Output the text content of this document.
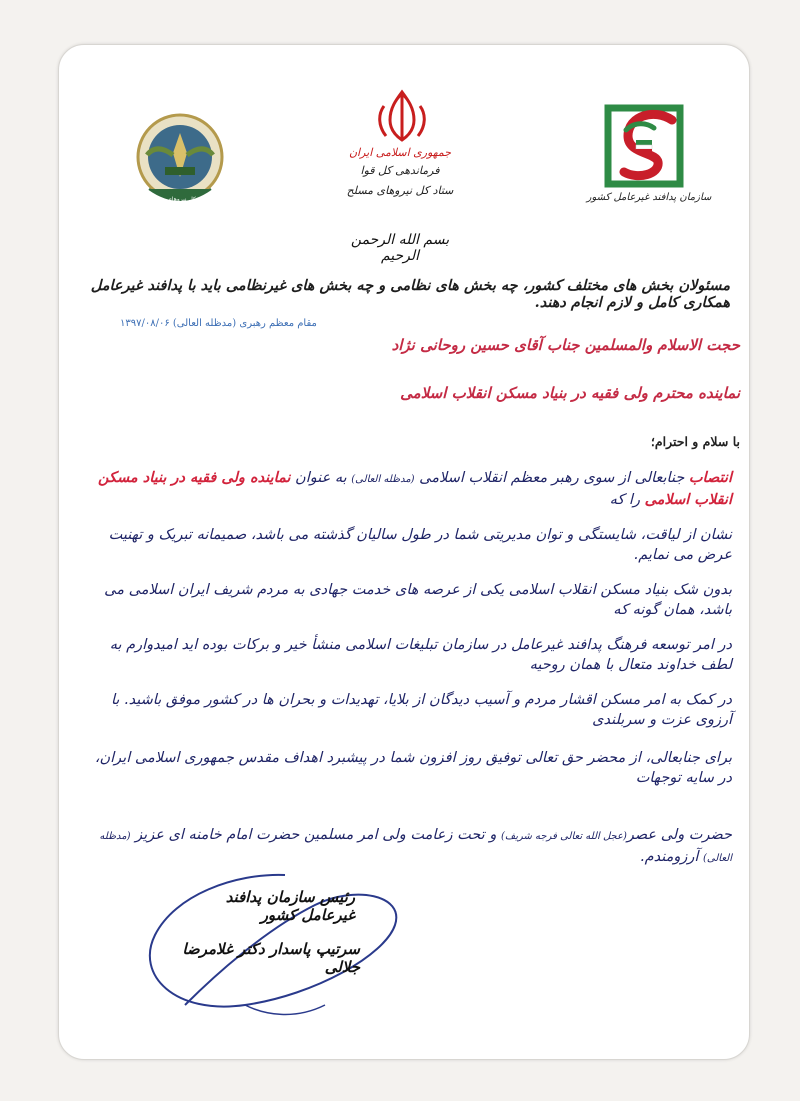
جمهوری اسلامی ایران
فرماندهی کل قوا
ستاد کل نیروهای مسلح
ستاد کل نیروهای مسلح	سازمان پدافند غیرعامل کشور
بسم الله الرحمن الرحیم
مسئولان بخش های مختلف کشور، چه بخش های نظامی و چه بخش های غیرنظامی باید با پدافند غیرعامل همکاری کامل و لازم انجام دهند.
مقام معظم رهبری (مدظله العالی) ۱۳۹۷/۰۸/۰۶
حجت الاسلام والمسلمین جناب آقای حسین روحانی نژاد
نماینده محترم ولی فقیه در بنیاد مسکن انقلاب اسلامی
با سلام و احترام؛
انتصاب جنابعالی از سوی رهبر معظم انقلاب اسلامی (مدظله العالی) به عنوان نماینده ولی فقیه در بنیاد مسکن انقلاب اسلامی را که
نشان از لیاقت، شایستگی و توان مدیریتی شما در طول سالیان گذشته می باشد، صمیمانه تبریک و تهنیت عرض می نمایم.
بدون شک بنیاد مسکن انقلاب اسلامی یکی از عرصه های خدمت جهادی به مردم شریف ایران اسلامی می باشد، همان گونه که
در امر توسعه فرهنگ پدافند غیرعامل در سازمان تبلیغات اسلامی منشأ خیر و برکات بوده اید امیدوارم به لطف خداوند متعال با همان روحیه
در کمک به امر مسکن اقشار مردم و آسیب دیدگان از بلایا، تهدیدات و بحران ها در کشور موفق باشید. با آرزوی عزت و سربلندی
برای جنابعالی، از محضر حق تعالی توفیق روز افزون شما در پیشبرد اهداف مقدس جمهوری اسلامی ایران، در سایه توجهات
حضرت ولی عصر(عجل الله تعالی فرجه شریف) و تحت زعامت ولی امر مسلمین حضرت امام خامنه ای عزیز (مدظله العالی) آرزومندم.
رئیس سازمان پدافند غیرعامل کشور
سرتیپ پاسدار دکتر غلامرضا جلالی
